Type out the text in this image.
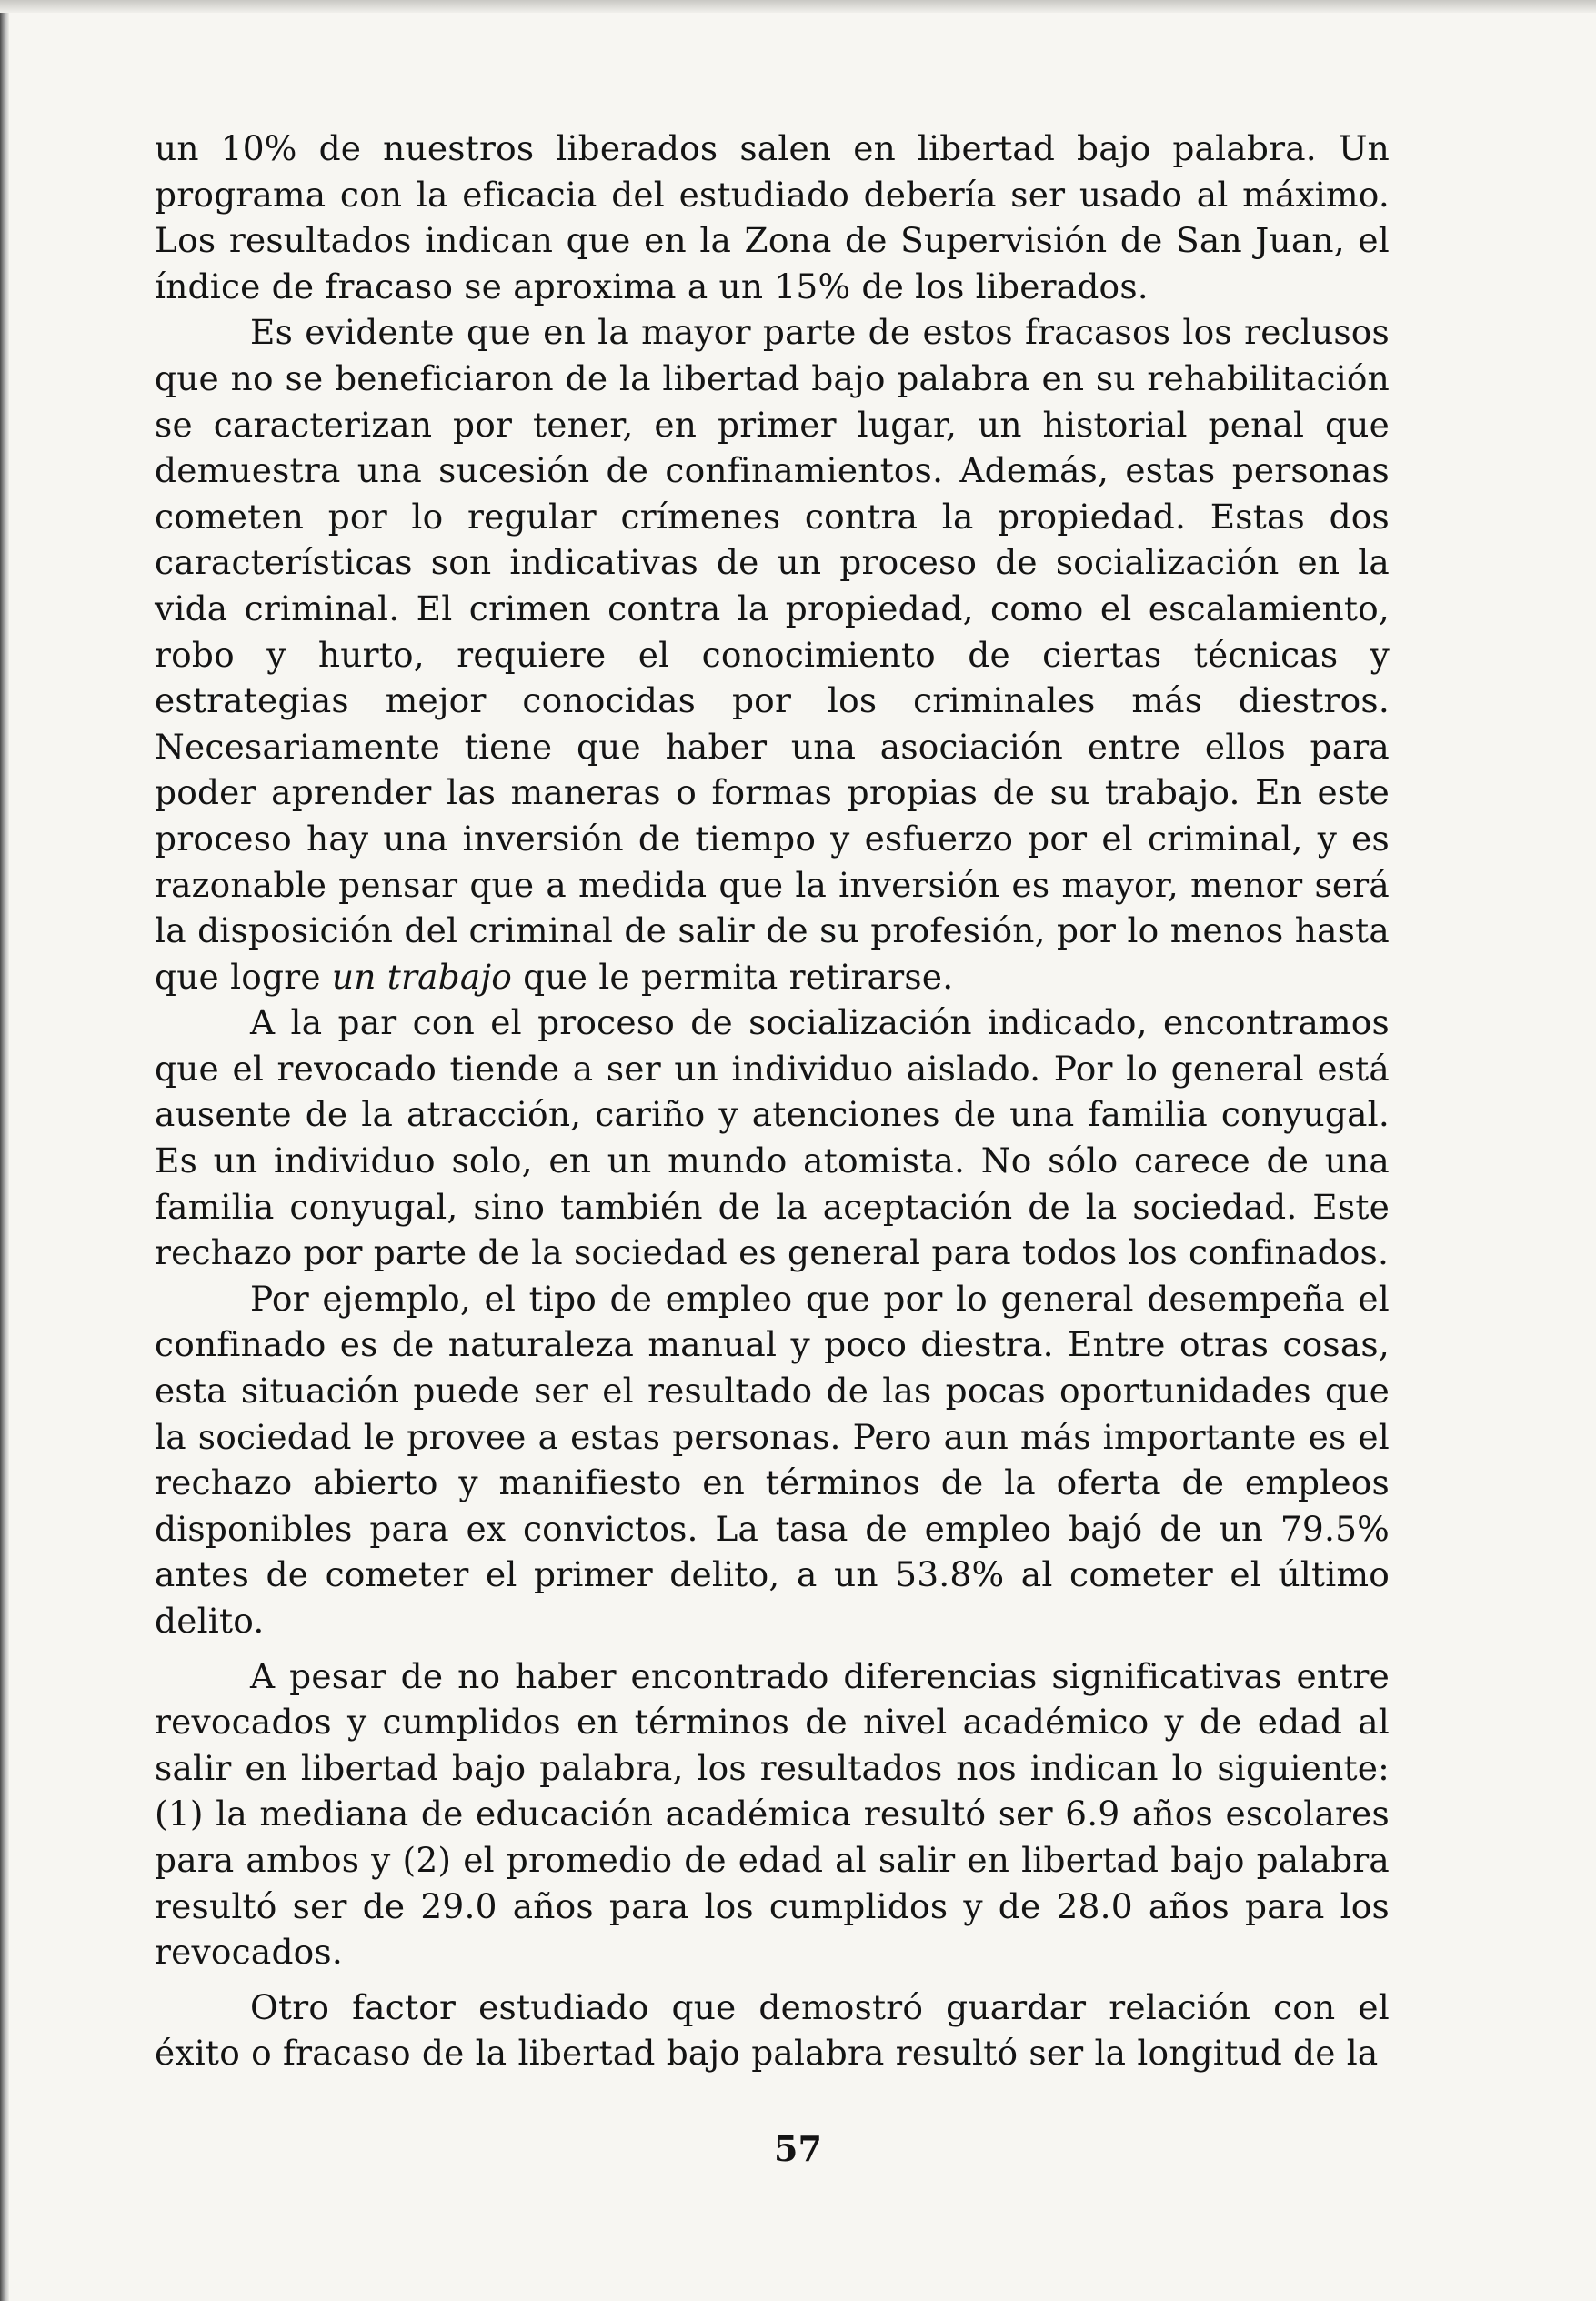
un 10% de nuestros liberados salen en libertad bajo palabra. Un programa con la eficacia del estudiado debería ser usado al máximo. Los resultados indican que en la Zona de Supervisión de San Juan, el índice de fracaso se aproxima a un 15% de los liberados.

Es evidente que en la mayor parte de estos fracasos los reclusos que no se beneficiaron de la libertad bajo palabra en su rehabilitación se caracterizan por tener, en primer lugar, un historial penal que demuestra una sucesión de confinamientos. Además, estas personas cometen por lo regular crímenes contra la propiedad. Estas dos características son indicativas de un proceso de socialización en la vida criminal. El crimen contra la propiedad, como el escalamiento, robo y hurto, requiere el conocimiento de ciertas técnicas y estrategias mejor conocidas por los criminales más diestros. Necesariamente tiene que haber una asociación entre ellos para poder aprender las maneras o formas propias de su trabajo. En este proceso hay una inversión de tiempo y esfuerzo por el criminal, y es razonable pensar que a medida que la inversión es mayor, menor será la disposición del criminal de salir de su profesión, por lo menos hasta que logre un trabajo que le permita retirarse.

A la par con el proceso de socialización indicado, encontramos que el revocado tiende a ser un individuo aislado. Por lo general está ausente de la atracción, cariño y atenciones de una familia conyugal. Es un individuo solo, en un mundo atomista. No sólo carece de una familia conyugal, sino también de la aceptación de la sociedad. Este rechazo por parte de la sociedad es general para todos los confinados.

Por ejemplo, el tipo de empleo que por lo general desempeña el confinado es de naturaleza manual y poco diestra. Entre otras cosas, esta situación puede ser el resultado de las pocas oportunidades que la sociedad le provee a estas personas. Pero aun más importante es el rechazo abierto y manifiesto en términos de la oferta de empleos disponibles para ex convictos. La tasa de empleo bajó de un 79.5% antes de cometer el primer delito, a un 53.8% al cometer el último delito.

A pesar de no haber encontrado diferencias significativas entre revocados y cumplidos en términos de nivel académico y de edad al salir en libertad bajo palabra, los resultados nos indican lo siguiente: (1) la mediana de educación académica resultó ser 6.9 años escolares para ambos y (2) el promedio de edad al salir en libertad bajo palabra resultó ser de 29.0 años para los cumplidos y de 28.0 años para los revocados.

Otro factor estudiado que demostró guardar relación con el éxito o fracaso de la libertad bajo palabra resultó ser la longitud de la

57
